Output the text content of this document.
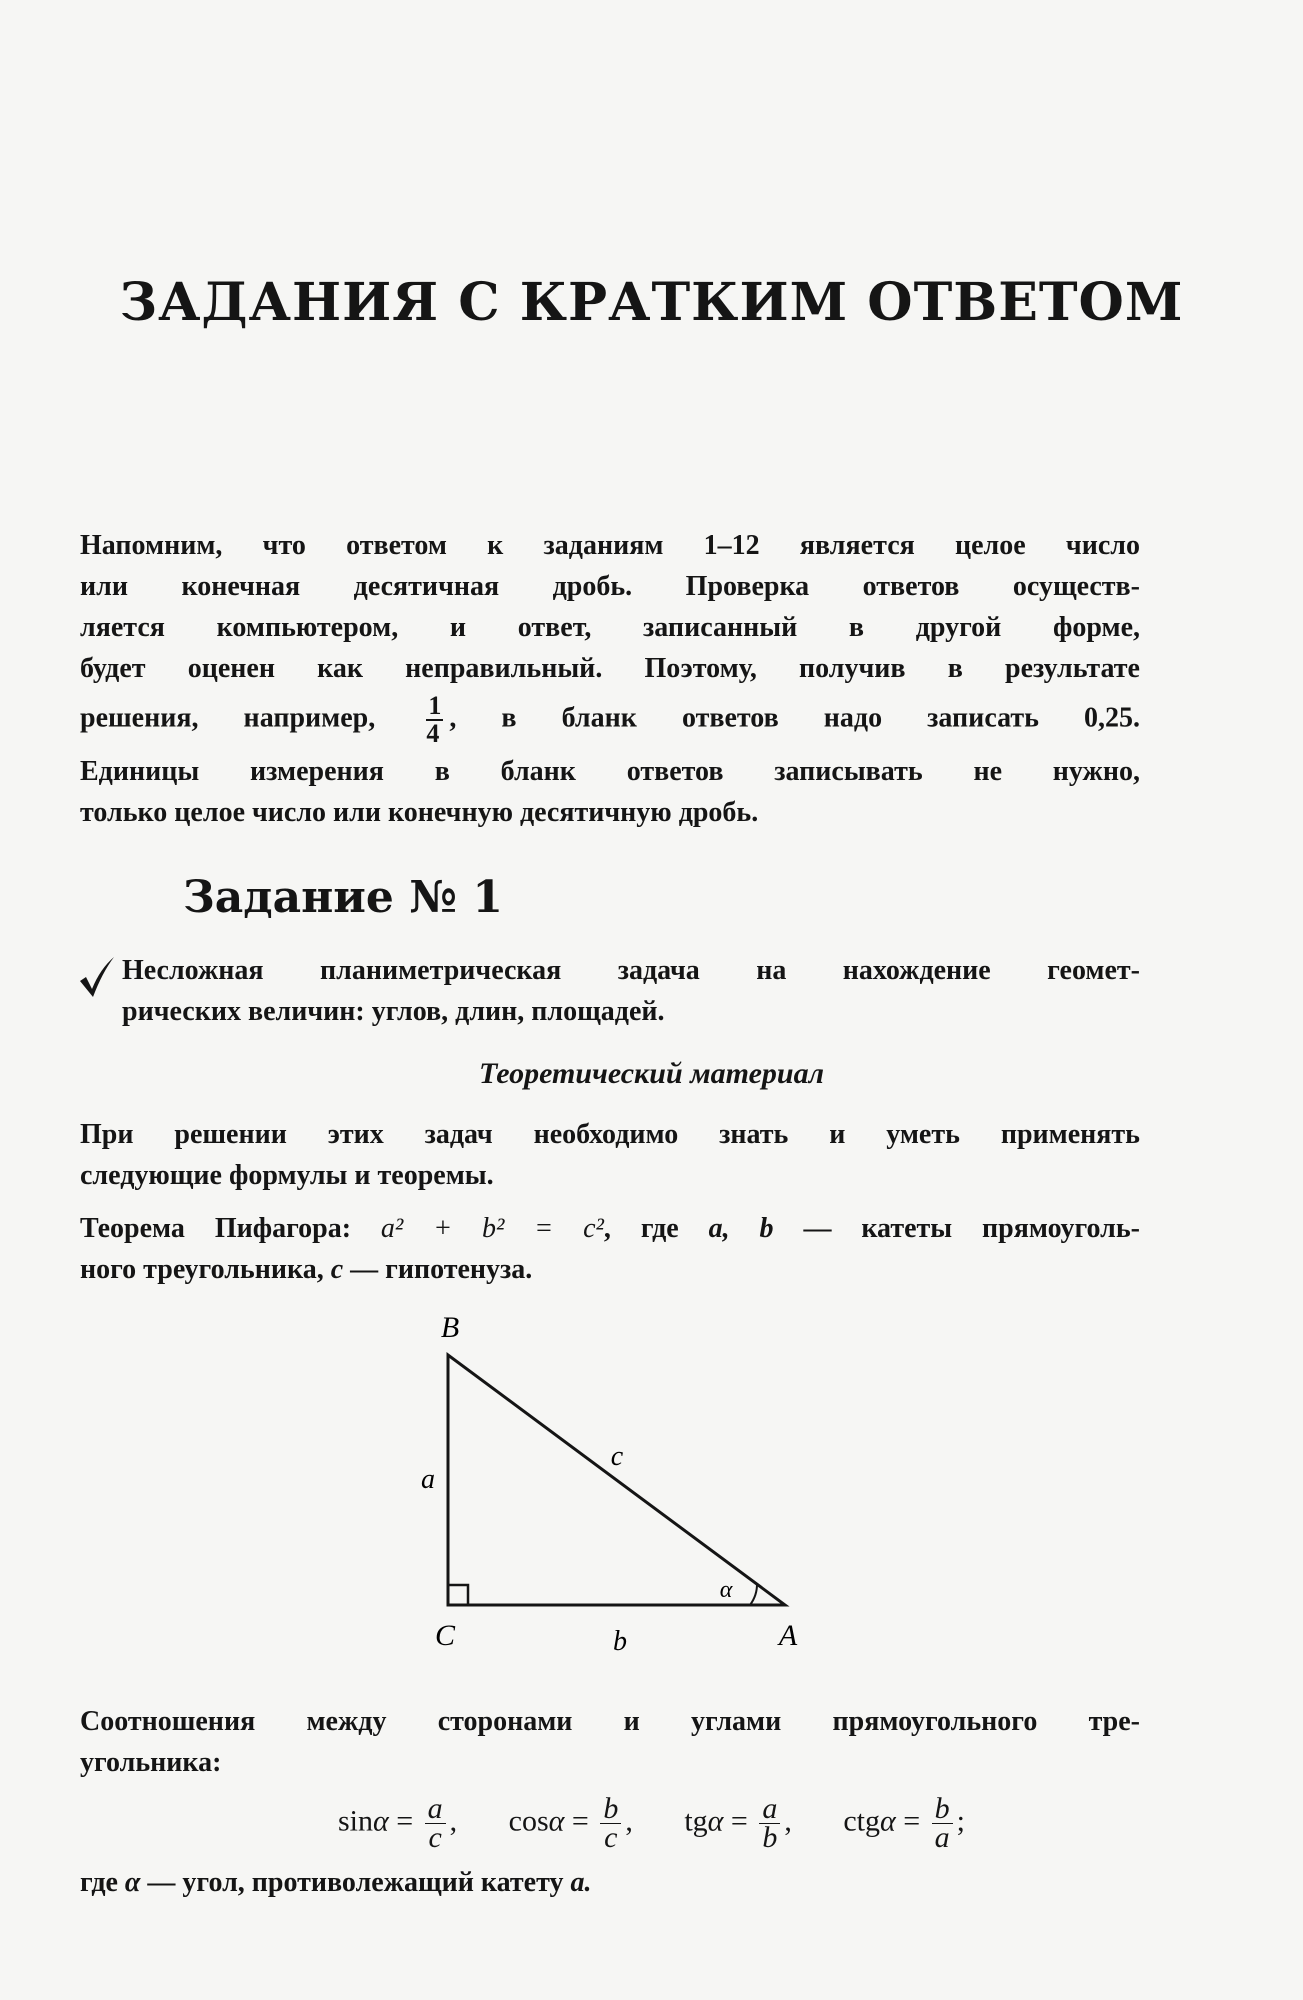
ЗАДАНИЯ С КРАТКИМ ОТВЕТОМ
Напомним, что ответом к заданиям 1–12 является целое число
или конечная десятичная дробь. Проверка ответов осуществ-
ляется компьютером, и ответ, записанный в другой форме,
будет оценен как неправильный. Поэтому, получив в результате
решения, например, $\frac{1}{4}$ , в бланк ответов надо записать 0,25.
Единицы измерения в бланк ответов записывать не нужно,
только целое число или конечную десятичную дробь.
Задание № 1
Несложная планиметрическая задача на нахождение геомет-
рических величин: углов, длин, площадей.
Теоретический материал
При решении этих задач необходимо знать и уметь применять
следующие формулы и теоремы.
Теорема Пифагора: a² + b² = c², где a, b — катеты прямоуголь-
ного треугольника, c — гипотенуза.
B
C	A
a
b
c
α
Соотношения между сторонами и углами прямоугольного тре-
угольника:
$\sin\alpha = \frac{a}{c}$ , $\cos\alpha = \frac{b}{c}$ , $tg\alpha = \frac{a}{b}$ , $ctg\alpha = \frac{b}{a}$ ;
где α — угол, противолежащий катету a.
